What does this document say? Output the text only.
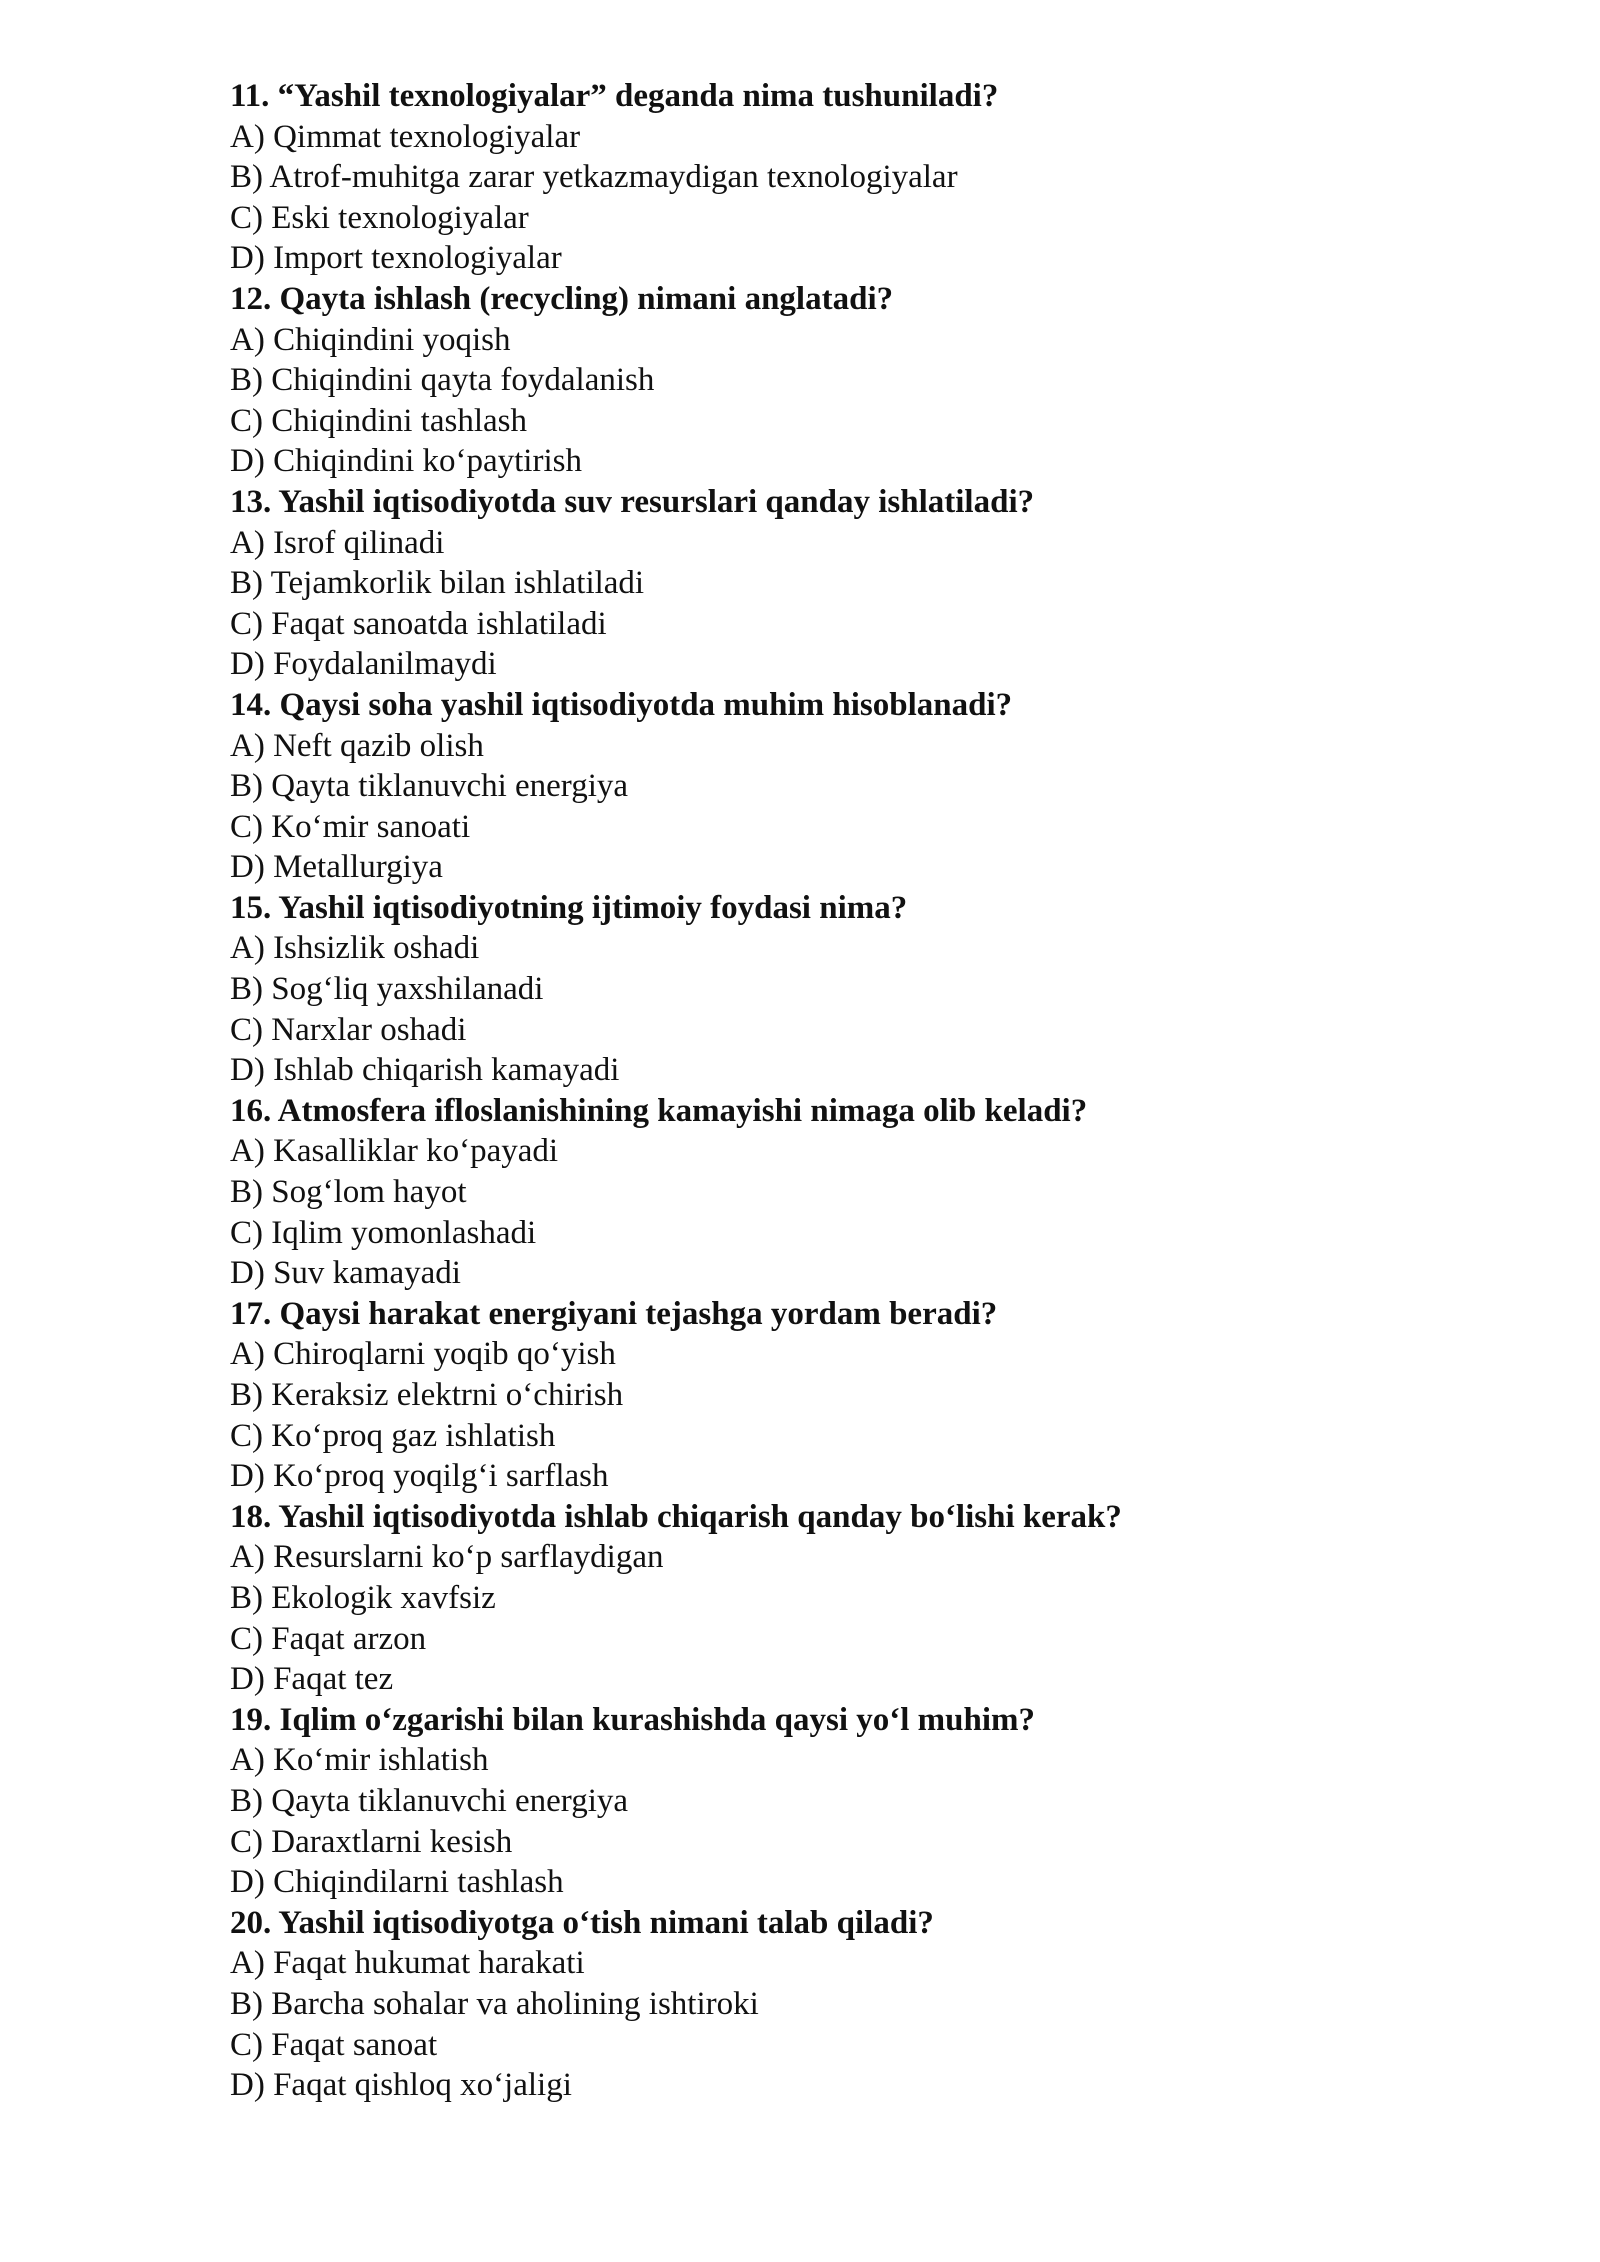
11. “Yashil texnologiyalar” deganda nima tushuniladi?

A) Qimmat texnologiyalar

B) Atrof-muhitga zarar yetkazmaydigan texnologiyalar

C) Eski texnologiyalar

D) Import texnologiyalar

12. Qayta ishlash (recycling) nimani anglatadi?

A) Chiqindini yoqish

B) Chiqindini qayta foydalanish

C) Chiqindini tashlash

D) Chiqindini ko‘paytirish

13. Yashil iqtisodiyotda suv resurslari qanday ishlatiladi?

A) Isrof qilinadi

B) Tejamkorlik bilan ishlatiladi

C) Faqat sanoatda ishlatiladi

D) Foydalanilmaydi

14. Qaysi soha yashil iqtisodiyotda muhim hisoblanadi?

A) Neft qazib olish

B) Qayta tiklanuvchi energiya

C) Ko‘mir sanoati

D) Metallurgiya

15. Yashil iqtisodiyotning ijtimoiy foydasi nima?

A) Ishsizlik oshadi

B) Sog‘liq yaxshilanadi

C) Narxlar oshadi

D) Ishlab chiqarish kamayadi

16. Atmosfera ifloslanishining kamayishi nimaga olib keladi?

A) Kasalliklar ko‘payadi

B) Sog‘lom hayot

C) Iqlim yomonlashadi

D) Suv kamayadi

17. Qaysi harakat energiyani tejashga yordam beradi?

A) Chiroqlarni yoqib qo‘yish

B) Keraksiz elektrni o‘chirish

C) Ko‘proq gaz ishlatish

D) Ko‘proq yoqilg‘i sarflash

18. Yashil iqtisodiyotda ishlab chiqarish qanday bo‘lishi kerak?

A) Resurslarni ko‘p sarflaydigan

B) Ekologik xavfsiz

C) Faqat arzon

D) Faqat tez

19. Iqlim o‘zgarishi bilan kurashishda qaysi yo‘l muhim?

A) Ko‘mir ishlatish

B) Qayta tiklanuvchi energiya

C) Daraxtlarni kesish

D) Chiqindilarni tashlash

20. Yashil iqtisodiyotga o‘tish nimani talab qiladi?

A) Faqat hukumat harakati

B) Barcha sohalar va aholining ishtiroki

C) Faqat sanoat

D) Faqat qishloq xo‘jaligi
